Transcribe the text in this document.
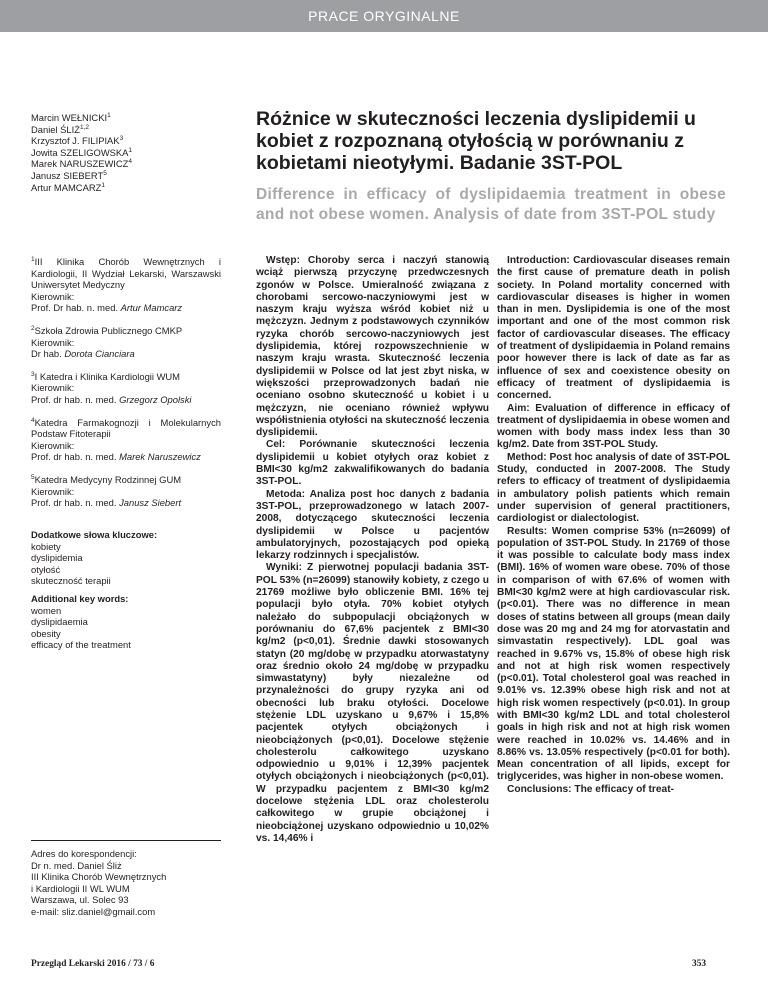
PRACE ORYGINALNE
Marcin WEŁNICKI$^1$
Daniel ŚLIŻ$^{1,2}$
Krzysztof J. FILIPIAK$^3$
Jowita SZELIGOWSKA$^1$
Marek NARUSZEWICZ$^4$
Janusz SIEBERT$^5$
Artur MAMCARZ$^1$
$^1$III Klinika Chorób Wewnętrznych i Kardiologii, II Wydział Lekarski, Warszawski Uniwersytet Medyczny
Kierownik:
Prof. Dr hab. n. med. Artur Mamcarz
$^2$Szkoła Zdrowia Publicznego CMKP
Kierownik:
Dr hab. Dorota Cianciara
$^3$I Katedra i Klinika Kardiologii WUM
Kierownik:
Prof. dr hab. n. med. Grzegorz Opolski
$^4$Katedra Farmakognozji i Molekularnych Podstaw Fitoterapii
Kierownik:
Prof. dr hab. n. med. Marek Naruszewicz
$^5$Katedra Medycyny Rodzinnej GUM
Kierownik:
Prof. dr hab. n. med. Janusz Siebert
Dodatkowe słowa kluczowe:
kobiety
dyslipidemia
otyłość
skuteczność terapii
Additional key words:
women
dyslipidaemia
obesity
efficacy of the treatment
Adres do korespondencji:
Dr n. med. Daniel Śliż
III Klinika Chorób Wewnętrznych
i Kardiologii II WL WUM
Warszawa, ul. Solec 93
e-mail: sliz.daniel@gmail.com
Różnice w skuteczności leczenia dyslipidemii u kobiet z rozpoznaną otyłością w porównaniu z kobietami nieotyłymi. Badanie 3ST-POL
Difference in efficacy of dyslipidaemia treatment in obese and not obese women. Analysis of date from 3ST-POL study

Wstęp: Choroby serca i naczyń stanowią wciąż pierwszą przyczynę przedwczesnych zgonów w Polsce. Umieralność związana z chorobami sercowo-naczyniowymi jest w naszym kraju wyższa wśród kobiet niż u mężczyzn. Jednym z podstawowych czynników ryzyka chorób sercowo-naczyniowych jest dyslipidemia, której rozpowszechnienie w naszym kraju wrasta. Skuteczność leczenia dyslipidemii w Polsce od lat jest zbyt niska, w większości przeprowadzonych badań nie oceniano osobno skuteczność u kobiet i u mężczyzn, nie oceniano również wpływu współistnienia otyłości na skuteczność leczenia dyslipidemii.

Cel: Porównanie skuteczności leczenia dyslipidemii u kobiet otyłych oraz kobiet z BMI<30 kg/m2 zakwalifikowanych do badania 3ST-POL.

Metoda: Analiza post hoc danych z badania 3ST-POL, przeprowadzonego w latach 2007-2008, dotyczącego skuteczności leczenia dyslipidemii w Polsce u pacjentów ambulatoryjnych, pozostających pod opieką lekarzy rodzinnych i specjalistów.

Wyniki: Z pierwotnej populacji badania 3ST-POL 53% (n=26099) stanowiły kobiety, z czego u 21769 możliwe było obliczenie BMI. 16% tej populacji było otyła. 70% kobiet otyłych należało do subpopulacji obciążonych w porównaniu do 67,6% pacjentek z BMI<30 kg/m2 (p<0,01). Średnie dawki stosowanych statyn (20 mg/dobę w przypadku atorwastatyny oraz średnio około 24 mg/dobę w przypadku simwastatyny) były niezależne od przynależności do grupy ryzyka ani od obecności lub braku otyłości. Docelowe stężenie LDL uzyskano u 9,67% i 15,8% pacjentek otyłych obciążonych i nieobciążonych (p<0,01). Docelowe stężenie cholesterolu całkowitego uzyskano odpowiednio u 9,01% i 12,39% pacjentek otyłych obciążonych i nieobciążonych (p<0,01). W przypadku pacjentem z BMI<30 kg/m2 docelowe stężenia LDL oraz cholesterolu całkowitego w grupie obciążonej i nieobciążonej uzyskano odpowiednio u 10,02% vs. 14,46% i

Introduction: Cardiovascular diseases remain the first cause of premature death in polish society. In Poland mortality concerned with cardiovascular diseases is higher in women than in men. Dyslipidemia is one of the most important and one of the most common risk factor of cardiovascular diseases. The efficacy of treatment of dyslipidaemia in Poland remains poor however there is lack of date as far as influence of sex and coexistence obesity on efficacy of treatment of dyslipidaemia is concerned.

Aim: Evaluation of difference in efficacy of treatment of dyslipidaemia in obese women and women with body mass index less than 30 kg/m2. Date from 3ST-POL Study.

Method: Post hoc analysis of date of 3ST-POL Study, conducted in 2007-2008. The Study refers to efficacy of treatment of dyslipidaemia in ambulatory polish patients which remain under supervision of general practitioners, cardiologist or dialectologist.

Results: Women comprise 53% (n=26099) of population of 3ST-POL Study. In 21769 of those it was possible to calculate body mass index (BMI). 16% of women ware obese. 70% of those in comparison of with 67.6% of women with BMI<30 kg/m2 were at high cardiovascular risk. (p<0.01). There was no difference in mean doses of statins between all groups (mean daily dose was 20 mg and 24 mg for atorvastatin and simvastatin respectively). LDL goal was reached in 9.67% vs, 15.8% of obese high risk and not at high risk women respectively (p<0.01). Total cholesterol goal was reached in 9.01% vs. 12.39% obese high risk and not at high risk women respectively (p<0.01). In group with BMI<30 kg/m2 LDL and total cholesterol goals in high risk and not at high risk women were reached in 10.02% vs. 14.46% and in 8.86% vs. 13.05% respectively (p<0.01 for both). Mean concentration of all lipids, except for triglycerides, was higher in non-obese women.

Conclusions: The efficacy of treat-

Przegląd Lekarski 2016 / 73 / 6	353
